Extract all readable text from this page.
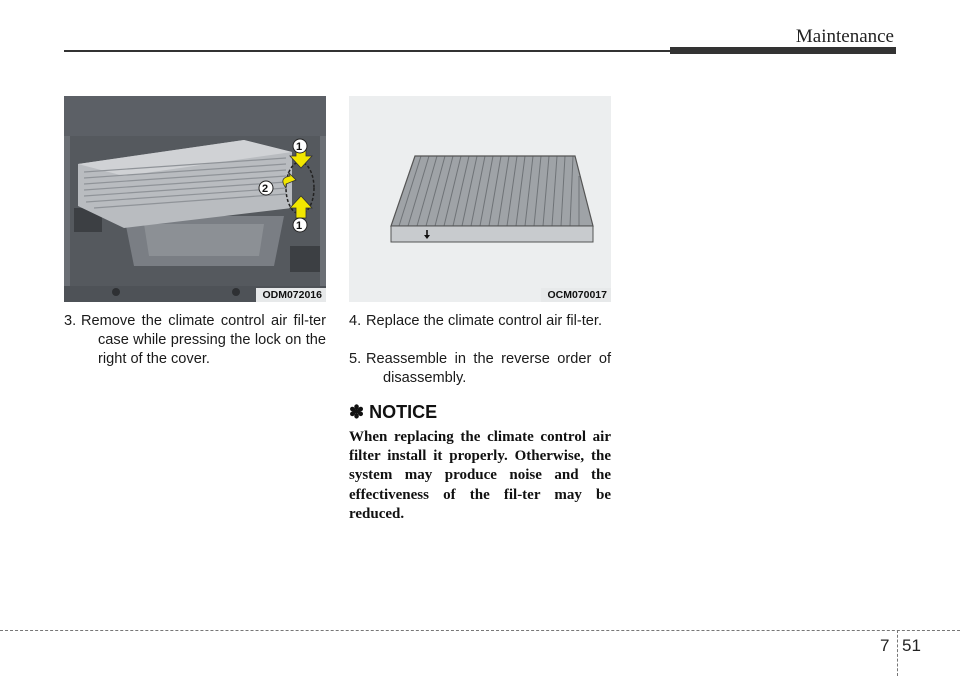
Maintenance
1
2
1
ODM072016	OCM070017
3. Remove the climate control air fil-ter case while pressing the lock on the right of the cover.
4. Replace the climate control air fil-ter.
5. Reassemble in the reverse order of disassembly.
✽ NOTICE
When replacing the climate control air filter install it properly. Otherwise, the system may produce noise and the effectiveness of the fil-ter may be reduced.
7 51
